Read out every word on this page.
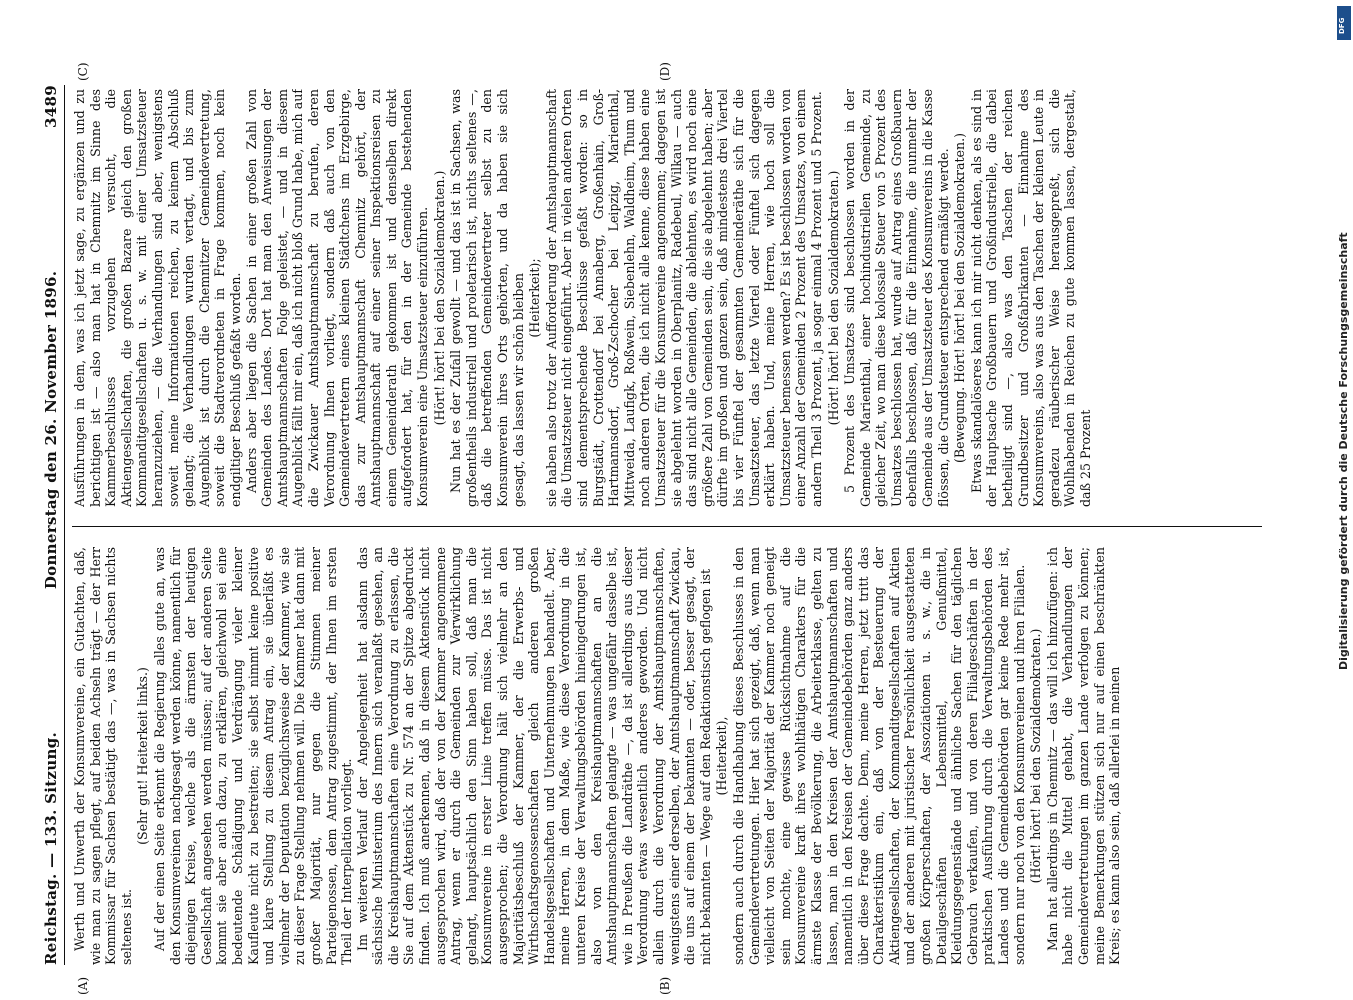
Reichstag. — 133. Sitzung.
Donnerstag den 26. November 1896.
3489

Werth und Unwerth der Konsumvereine, ein Gutachten, daß, wie man zu sagen pflegt, auf beiden Achseln trägt — der Herr Kommissar für Sachsen bestätigt das —, was in Sachsen nichts seltenes ist.

(Sehr gut! Heiterkeit links.) Auf der einen Seite erkennt die Regierung alles gute an, was den Konsumvereinen nachgesagt werden könne, namentlich für diejenigen Kreise, welche als die ärmsten der heutigen Gesellschaft angesehen werden müssen; auf der anderen Seite kommt sie aber auch dazu, zu erklären, gleichwohl sei eine bedeutende Schädigung und Verdrängung vieler kleiner Kaufleute nicht zu bestreiten; sie selbst nimmt keine positive und klare Stellung zu diesem Antrag ein, sie überläßt es vielmehr der Deputation bezüglichsweise der Kammer, wie sie zu dieser Frage Stellung nehmen will. Die Kammer hat dann mit großer Majorität, nur gegen die Stimmen meiner Parteigenossen, dem Antrag zugestimmt, der Ihnen im ersten Theil der Interpellation vorliegt. Im weiteren Verlauf der Angelegenheit hat alsdann das sächsische Ministerium des Innern sich veranlaßt gesehen, an die Kreishauptmannschaften eine Verordnung zu erlassen, die Sie auf dem Aktenstück zu Nr. 574 an der Spitze abgedruckt finden. Ich muß anerkennen, daß in diesem Aktenstück nicht ausgesprochen wird, daß der von der Kammer angenommene Antrag, wenn er durch die Gemeinden zur Verwirklichung gelangt, hauptsächlich den Sinn haben soll, daß man die Konsumvereine in erster Linie treffen müsse. Das ist nicht ausgesprochen; die Verordnung hält sich vielmehr an den Majoritätsbeschluß der Kammer, der die Erwerbs- und Wirthschaftsgenossenschaften gleich anderen großen Handelsgesellschaften und Unternehmungen behandelt. Aber, meine Herren, in dem Maße, wie diese Verordnung in die unteren Kreise der Verwaltungsbehörden hineingedrungen ist, also von den Kreishauptmannschaften an die Amtshauptmannschaften gelangte — was ungefähr dasselbe ist, wie in Preußen die Landräthe —, da ist allerdings aus dieser Verordnung etwas wesentlich anderes geworden. Und nicht allein durch die Verordnung der Amtshauptmannschaften, wenigstens einer derselben, der Amtshauptmannschaft Zwickau, die uns auf einem der bekannten — oder, besser gesagt, der nicht bekannten — Wege auf den Redaktionstisch geflogen ist (Heiterkeit), sondern auch durch die Handhabung dieses Beschlusses in den Gemeindevertretungen. Hier hat sich gezeigt, daß, wenn man vielleicht von Seiten der Majorität der Kammer noch geneigt sein mochte, eine gewisse Rücksichtnahme auf die Konsumvereine kraft ihres wohlthätigen Charakters für die ärmste Klasse der Bevölkerung, die Arbeiterklasse, gelten zu lassen, man in den Kreisen der Amtshauptmannschaften und namentlich in den Kreisen der Gemeindebehörden ganz anders über diese Frage dachte. Denn, meine Herren, jetzt tritt das Charakteristikum ein, daß von der Besteuerung der Aktiengesellschaften, der Kommanditgesellschaften auf Aktien und der anderen mit juristischer Persönlichkeit ausgestatteten großen Körperschaften, der Assoziationen u. s. w., die in Detailgeschäften Lebensmittel, Genußmittel, Kleidungsgegenstände und ähnliche Sachen für den täglichen Gebrauch verkaufen, und von deren Filialgeschäften in der praktischen Ausführung durch die Verwaltungsbehörden des Landes und die Gemeindebehörden gar keine Rede mehr ist, sondern nur noch von den Konsumvereinen und ihren Filialen. (Hört! hört! bei den Sozialdemokraten.) Man hat allerdings in Chemnitz — das will ich hinzufügen: ich habe nicht die Mittel gehabt, die Verhandlungen der Gemeindevertretungen im ganzen Lande verfolgen zu können; meine Bemerkungen stützen sich nur auf einen beschränkten Kreis; es kann also sein, daß allerlei in meinen

Ausführungen in dem, was ich jetzt sage, zu ergänzen und zu berichtigen ist — also man hat in Chemnitz im Sinne des Kammerbeschlusses vorzugehen versucht, die Aktiengesellschaften, die großen Bazare gleich den großen Kommanditgesellschaften u. s. w. mit einer Umsatzsteuer heranzuziehen, — die Verhandlungen sind aber, wenigstens soweit meine Informationen reichen, zu keinem Abschluß gelangt; die Verhandlungen wurden vertagt, und bis zum Augenblick ist durch die Chemnitzer Gemeindevertretung, soweit die Stadtverordneten in Frage kommen, noch kein endgiltiger Beschluß gefaßt worden. Anders aber liegen die Sachen in einer großen Zahl von Gemeinden des Landes. Dort hat man den Anweisungen der Amtshauptmannschaften Folge geleistet, — und in diesem Augenblick fällt mir ein, daß ich nicht bloß Grund habe, mich auf die Zwickauer Amtshauptmannschaft zu berufen, deren Verordnung Ihnen vorliegt, sondern daß auch von den Gemeindevertretern eines kleinen Städtchens im Erzgebirge, das zur Amtshauptmannschaft Chemnitz gehört, der Amtshauptmannschaft auf einer seiner Inspektionsreisen zu einem Gemeinderath gekommen ist und denselben direkt aufgefordert hat, für den in der Gemeinde bestehenden Konsumverein eine Umsatzsteuer einzuführen. (Hört! hört! bei den Sozialdemokraten.) Nun hat es der Zufall gewollt — und das ist in Sachsen, was großentheils industriell und proletarisch ist, nichts seltenes —, daß die betreffenden Gemeindevertreter selbst zu den Konsumverein ihres Orts gehörten, und da haben sie sich gesagt, das lassen wir schön bleiben (Heiterkeit); sie haben also trotz der Aufforderung der Amtshauptmannschaft die Umsatzsteuer nicht eingeführt. Aber in vielen anderen Orten sind dementsprechende Beschlüsse gefaßt worden: so in Burgstädt, Crottendorf bei Annaberg, Großenhain, Groß-Hartmannsdorf, Groß-Zschocher bei Leipzig, Marienthal, Mittweida, Laufigk, Roßwein, Siebenlehn, Waldheim, Thum und noch anderen Orten, die ich nicht alle kenne, diese haben eine Umsatzsteuer für die Konsumvereine angenommen; dagegen ist sie abgelehnt worden in Oberplanitz, Radebeul, Wilkau — auch das sind nicht alle Gemeinden, die ablehnten, es wird noch eine größere Zahl von Gemeinden sein, die sie abgelehnt haben; aber dürfte im großen und ganzen sein, daß mindestens drei Viertel bis vier Fünftel der gesammten Gemeinderäthe sich für die Umsatzsteuer, das letzte Viertel oder Fünftel sich dagegen erklärt haben. Und, meine Herren, wie hoch soll die Umsatzsteuer bemessen werden? Es ist beschlossen worden von einer Anzahl der Gemeinden 2 Prozent des Umsatzes, von einem andern Theil 3 Prozent, ja sogar einmal 4 Prozent und 5 Prozent. (Hört! hört! bei den Sozialdemokraten.) 5 Prozent des Umsatzes sind beschlossen worden in der Gemeinde Marienthal, einer hochindustriellen Gemeinde, zu gleicher Zeit, wo man diese kolossale Steuer von 5 Prozent des Umsatzes beschlossen hat, wurde auf Antrag eines Großbauern ebenfalls beschlossen, daß für die Einnahme, die nunmehr der Gemeinde aus der Umsatzsteuer des Konsumvereins in die Kasse flössen, die Grundsteuer entsprechend ermäßigt werde. (Bewegung. Hört! hört! bei den Sozialdemokraten.) Etwas skandalöseres kann ich mir nicht denken, als es sind in der Hauptsache Großbauern und Großindustrielle, die dabei betheiligt sind —, also was den Taschen der reichen Grundbesitzer und Großfabrikanten — Einnahme des Konsumvereins, also was aus den Taschen der kleinen Leute in geradezu räuberischer Weise herausgepreßt, sich die Wohlhabenden in Reichen zu gute kommen lassen, dergestalt, daß 25 Prozent

(A)	(B)
(C)	(D)
DFG
Digitalisierung gefördert durch die Deutsche Forschungsgemeinschaft
